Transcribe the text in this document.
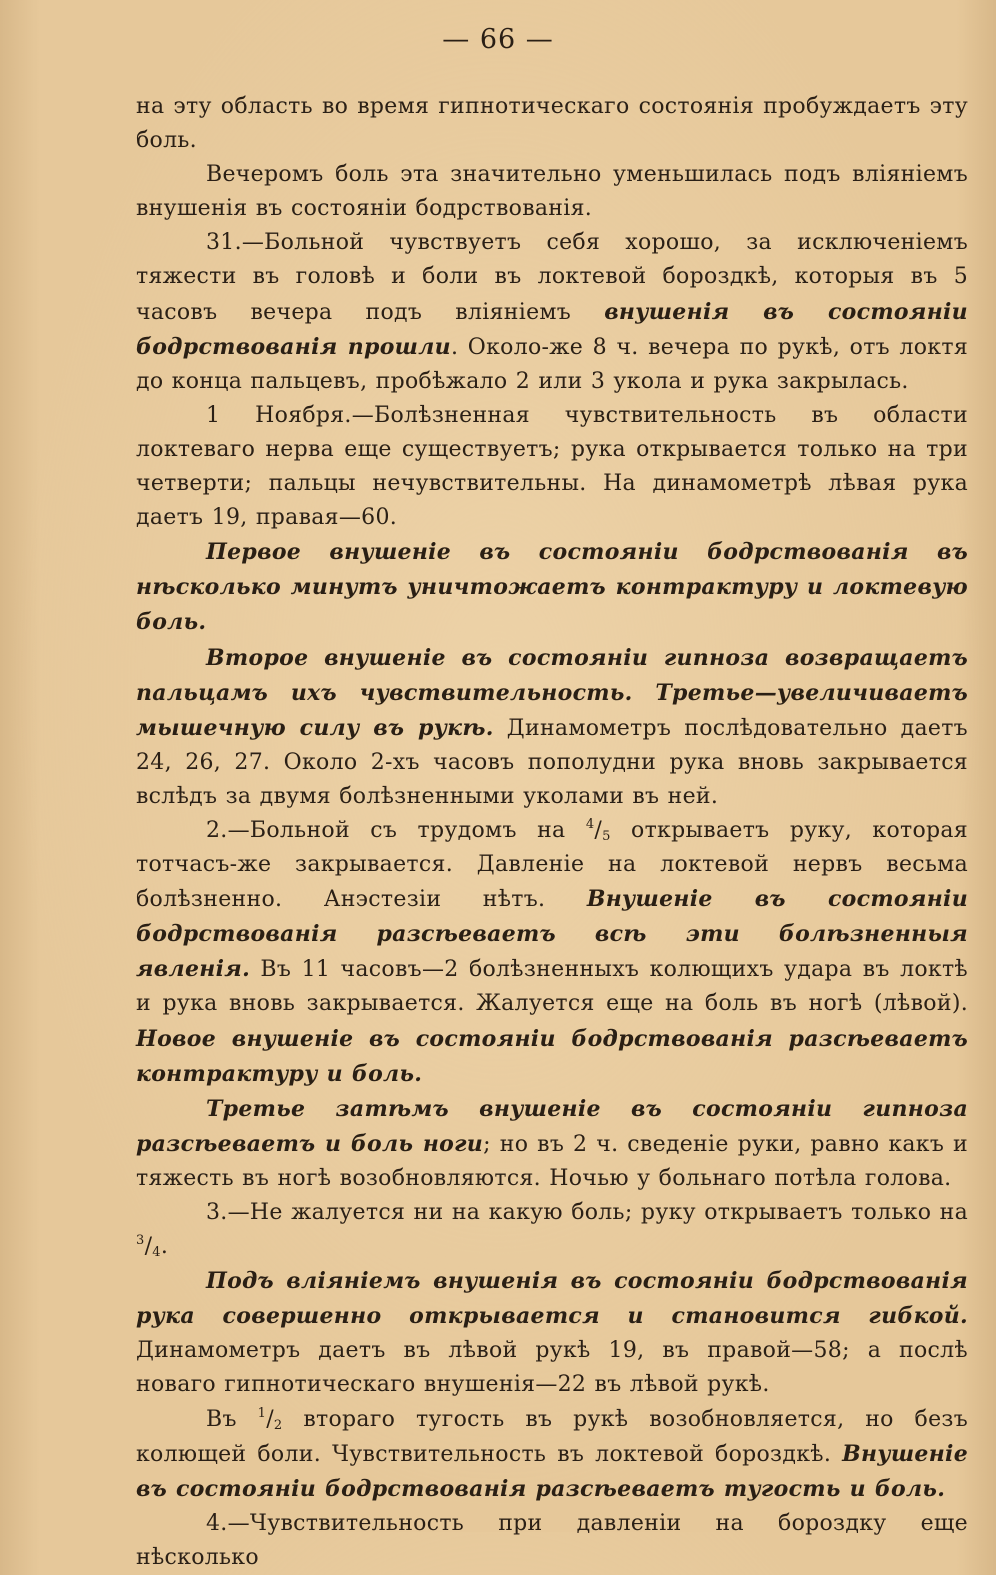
— 66 —

на эту область во время гипнотическаго состоянія пробуждаетъ эту боль.

Вечеромъ боль эта значительно уменьшилась подъ вліяніемъ внушенія въ состояніи бодрствованія.

31.—Больной чувствуетъ себя хорошо, за исключеніемъ тяжести въ головѣ и боли въ локтевой бороздкѣ, которыя въ 5 часовъ вечера подъ вліяніемъ внушенія въ состояніи бодрствованія прошли. Около-же 8 ч. вечера по рукѣ, отъ локтя до конца пальцевъ, пробѣжало 2 или 3 укола и рука закрылась.

1 Ноября.—Болѣзненная чувствительность въ области локтеваго нерва еще существуетъ; рука открывается только на три четверти; пальцы нечувствительны. На динамометрѣ лѣвая рука даетъ 19, правая—60.

Первое внушеніе въ состояніи бодрствованія въ нѣсколько минутъ уничтожаетъ контрактуру и локтевую боль.

Второе внушеніе въ состояніи гипноза возвращаетъ пальцамъ ихъ чувствительность. Третье—увеличиваетъ мышечную силу въ рукѣ. Динамометръ послѣдовательно даетъ 24, 26, 27. Около 2-хъ часовъ пополудни рука вновь закрывается вслѣдъ за двумя болѣзненными уколами въ ней.

2.—Больной съ трудомъ на $^4/_5$ открываетъ руку, которая тотчасъ-же закрывается. Давленіе на локтевой нервъ весьма болѣзненно. Анэстезіи нѣтъ. Внушеніе въ состояніи бодрствованія разсѣеваетъ всѣ эти болѣзненныя явленія. Въ 11 часовъ—2 болѣзненныхъ колющихъ удара въ локтѣ и рука вновь закрывается. Жалуется еще на боль въ ногѣ (лѣвой). Новое внушеніе въ состояніи бодрствованія разсѣеваетъ контрактуру и боль.

Третье затѣмъ внушеніе въ состояніи гипноза разсѣеваетъ и боль ноги; но въ 2 ч. сведеніе руки, равно какъ и тяжесть въ ногѣ возобновляются. Ночью у больнаго потѣла голова.

3.—Не жалуется ни на какую боль; руку открываетъ только на $^3/_4$.

Подъ вліяніемъ внушенія въ состояніи бодрствованія рука совершенно открывается и становится гибкой. Динамометръ даетъ въ лѣвой рукѣ 19, въ правой—58; а послѣ новаго гипнотическаго внушенія—22 въ лѣвой рукѣ.

Въ $^1/_2$ втораго тугость въ рукѣ возобновляется, но безъ колющей боли. Чувствительность въ локтевой бороздкѣ. Внушеніе въ состояніи бодрствованія разсѣеваетъ тугость и боль.

4.—Чувствительность при давленіи на бороздку еще нѣсколько
